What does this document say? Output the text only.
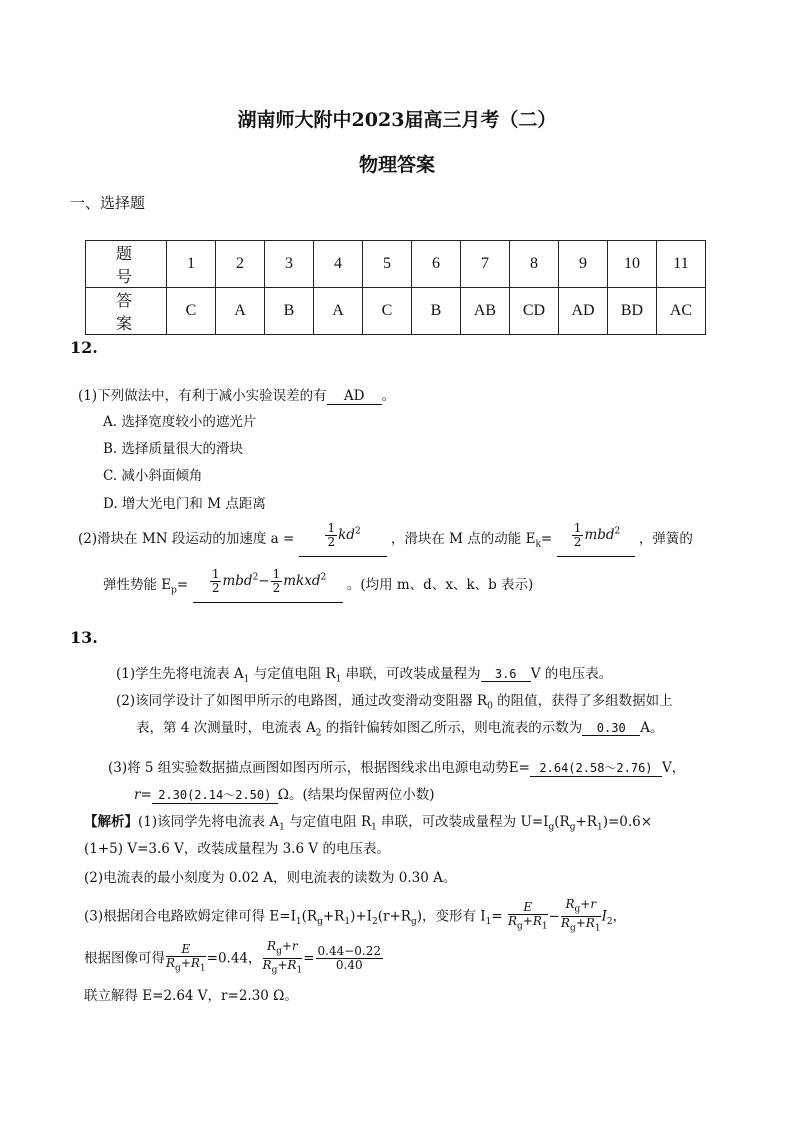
湖南师大附中2023届高三月考（二）
物理答案
一、选择题
题 号	1	2	3	4	5	6	7	8	9	10	11
答 案	C	A	B	A	C	B	AB	CD	AD	BD	AC
12.
(1)下列做法中，有利于减小实验误差的有 AD 。
A. 选择宽度较小的遮光片
B. 选择质量很大的滑块
C. 减小斜面倾角
D. 增大光电门和 M 点距离
(2)滑块在 MN 段运动的加速度 a =	$\frac{1}{2} kd^2$ ，滑块在 M 点的动能 $E_k= \frac{1}{2} mbd^2$ ，弹簧的
弹性势能 $E_p= \frac{1}{2} mbd^2- \frac{1}{2}$ mkxd$^2$ 。(均用 m、d、x、k、b 表示)
13.
(1)学生先将电流表 $A_1$ 与定值电阻 $R_1$ 串联，可改装成量程为 3.6 V 的电压表。
(2)该同学设计了如图甲所示的电路图，通过改变滑动变阻器 $R_0$ 的阻值，获得了多组数据如上
表，第 4 次测量时，电流表 $A_2$ 的指针偏转如图乙所示，则电流表的示数为 0.30 A。
(3)将 5 组实验数据描点画图如图丙所示，根据图线求出电源电动势E= 2.64(2.58～2.76) V，
r= 2.30(2.14～2.50) Ω。(结果均保留两位小数)
【解析】(1)该同学先将电流表 $A_1$ 与定值电阻 $R_1$ 串联，可改装成量程为 $U=I_g(R_g+R_1)=0.6\times$
(1+5) V=3.6 V，改装成量程为 3.6 V 的电压表。
(2)电流表的最小刻度为 0.02 A，则电流表的读数为 0.30 A。
(3)根据闭合电路欧姆定律可得 $E=I_1(R_g+R_1)+I_2(r+R_g)$，变形有 $I_1= \frac{E}{R_g+R_1} - \frac{R_g+r}{R_g+R_1} I_2$，
根据图像可得 $\frac{E}{R_g+R_1} =0.44$， $\frac{R_g+r}{R_g+R_1} = \frac{0.44-0.22}{0.40}$
联立解得 E=2.64 V，r=2.30 Ω。
